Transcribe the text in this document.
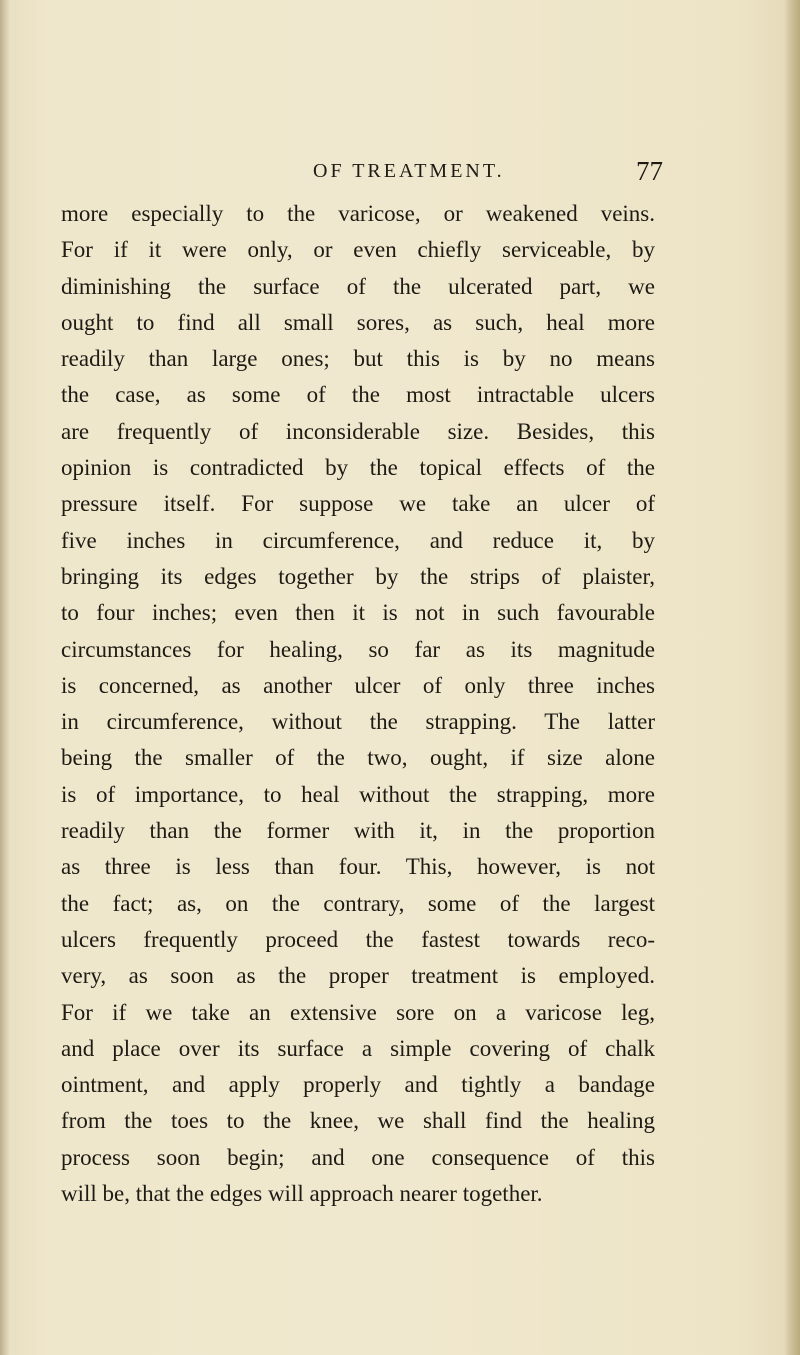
OF TREATMENT.	77
more especially to the varicose, or weakened veins.
For if it were only, or even chiefly serviceable, by
diminishing the surface of the ulcerated part, we
ought to find all small sores, as such, heal more
readily than large ones; but this is by no means
the case, as some of the most intractable ulcers
are frequently of inconsiderable size. Besides, this
opinion is contradicted by the topical effects of the
pressure itself. For suppose we take an ulcer of
five inches in circumference, and reduce it, by
bringing its edges together by the strips of plaister,
to four inches; even then it is not in such favourable
circumstances for healing, so far as its magnitude
is concerned, as another ulcer of only three inches
in circumference, without the strapping. The latter
being the smaller of the two, ought, if size alone
is of importance, to heal without the strapping, more
readily than the former with it, in the proportion
as three is less than four. This, however, is not
the fact; as, on the contrary, some of the largest
ulcers frequently proceed the fastest towards reco-
very, as soon as the proper treatment is employed.
For if we take an extensive sore on a varicose leg,
and place over its surface a simple covering of chalk
ointment, and apply properly and tightly a bandage
from the toes to the knee, we shall find the healing
process soon begin; and one consequence of this
will be, that the edges will approach nearer together.
